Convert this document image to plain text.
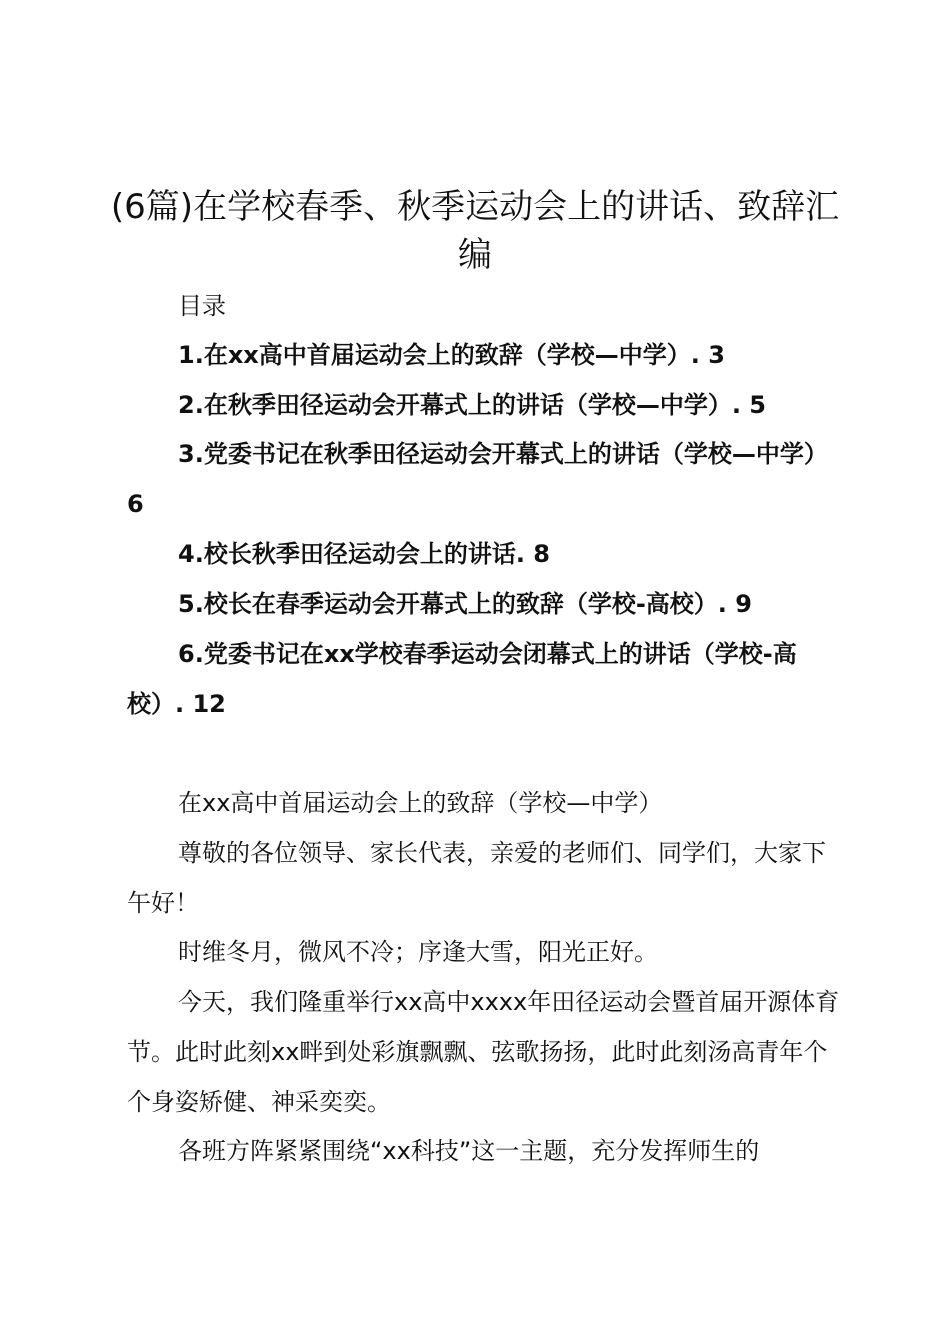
(6篇)在学校春季、秋季运动会上的讲话、致辞汇编

目录

1.在xx高中首届运动会上的致辞（学校—中学）. 3

2.在秋季田径运动会开幕式上的讲话（学校—中学）. 5

3.党委书记在秋季田径运动会开幕式上的讲话（学校—中学） 6

4.校长秋季田径运动会上的讲话. 8

5.校长在春季运动会开幕式上的致辞（学校-高校）. 9

6.党委书记在xx学校春季运动会闭幕式上的讲话（学校-高校）. 12

在xx高中首届运动会上的致辞（学校—中学）

尊敬的各位领导、家长代表，亲爱的老师们、同学们，大家下午好！

时维冬月，微风不冷；序逢大雪，阳光正好。

今天，我们隆重举行xx高中xxxx年田径运动会暨首届开源体育节。此时此刻xx畔到处彩旗飘飘、弦歌扬扬，此时此刻汤高青年个个身姿矫健、神采奕奕。

各班方阵紧紧围绕“xx科技”这一主题，充分发挥师生的
